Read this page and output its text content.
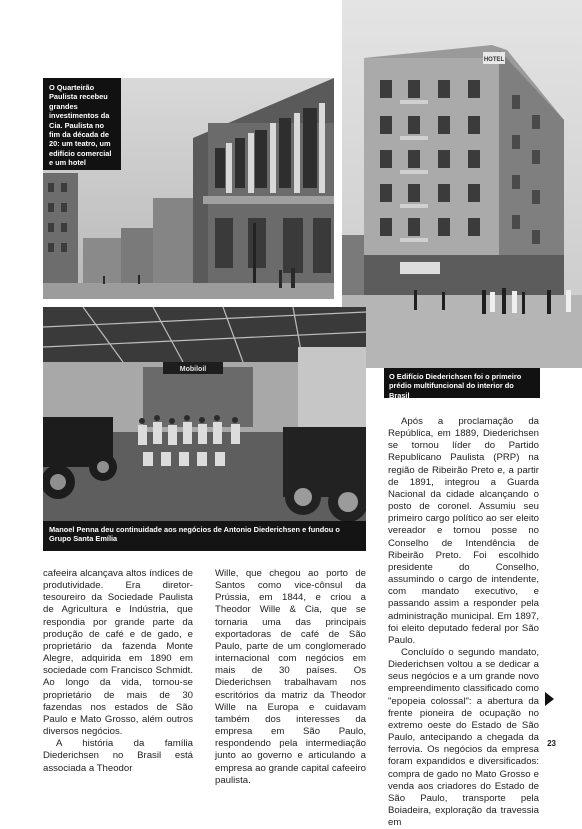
O Quarteirão Paulista recebeu grandes investimentos da Cia. Paulista no fim da década de 20: um teatro, um edifício comercial e um hotel
HOTEL
O Edifício Diederichsen foi o primeiro prédio multifuncional do interior do Brasil
Mobiloil
Manoel Penna deu continuidade aos negócios de Antonio Diederichsen e fundou o Grupo Santa Emília

cafeeira alcançava altos índices de produtividade. Era diretor-tesoureiro da Sociedade Paulista de Agricultura e Indústria, que respondia por grande parte da produção de café e de gado, e proprietário da fazenda Monte Alegre, adquirida em 1890 em sociedade com Francisco Schmidt. Ao longo da vida, tornou-se proprietário de mais de 30 fazendas nos estados de São Paulo e Mato Grosso, além outros diversos negócios.

A história da família Diederichsen no Brasil está associada a Theodor

Wille, que chegou ao porto de Santos como vice-cônsul da Prússia, em 1844, e criou a Theodor Wille & Cia, que se tornaria uma das principais exportadoras de café de São Paulo, parte de um conglomerado internacional com negócios em mais de 30 países. Os Diederichsen trabalhavam nos escritórios da matriz da Theodor Wille na Europa e cuidavam também dos interesses da empresa em São Paulo, respondendo pela intermediação junto ao governo e articulando a empresa ao grande capital cafeeiro paulista.

Após a proclamação da República, em 1889, Diederichsen se tornou líder do Partido Republicano Paulista (PRP) na região de Ribeirão Preto e, a partir de 1891, integrou a Guarda Nacional da cidade alcançando o posto de coronel. Assumiu seu primeiro cargo político ao ser eleito vereador e tornou posse no Conselho de Intendência de Ribeirão Preto. Foi escolhido presidente do Conselho, assumindo o cargo de intendente, com mandato executivo, e passando assim a responder pela administração municipal. Em 1897, foi eleito deputado federal por São Paulo.

Concluído o segundo mandato, Diederichsen voltou a se dedicar a seus negócios e a um grande novo empreendimento classificado como "epopeia colossal": a abertura da frente pioneira de ocupação no extremo oeste do Estado de São Paulo, antecipando a chegada da ferrovia. Os negócios da empresa foram expandidos e diversificados: compra de gado no Mato Grosso e venda aos criadores do Estado de São Paulo, transporte pela Boiadeira, exploração da travessia em

23
